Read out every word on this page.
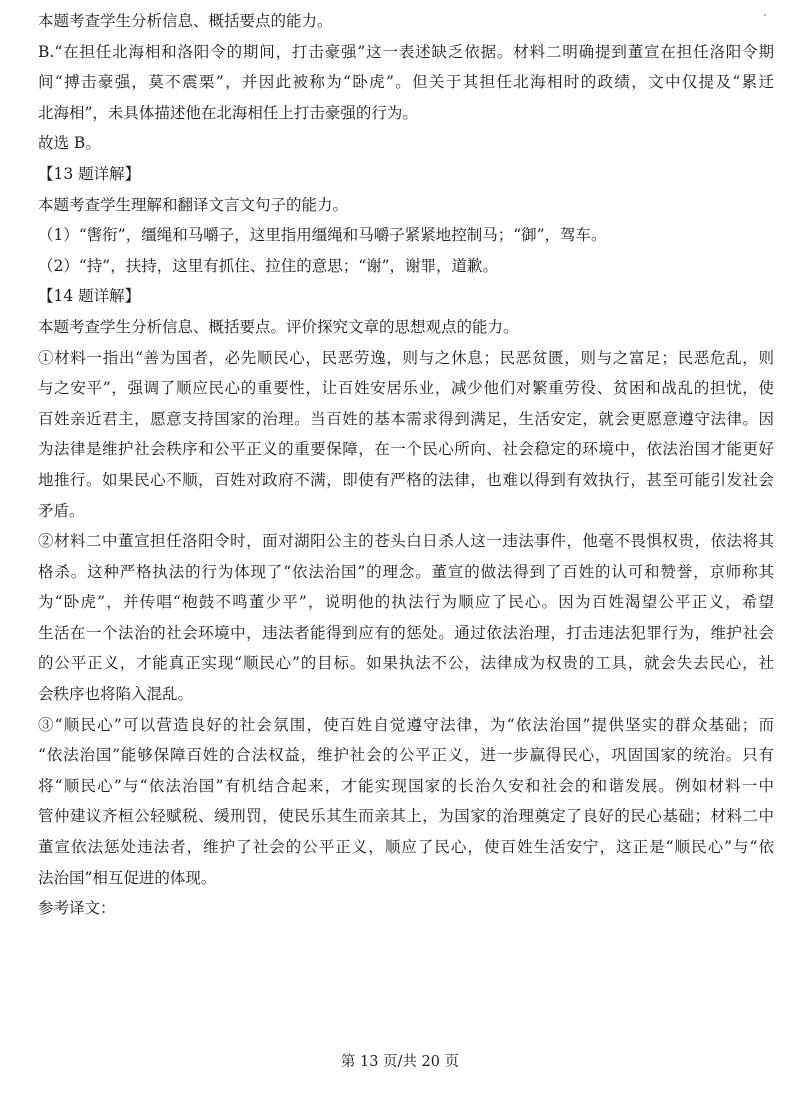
本题考查学生分析信息、概括要点的能力。
B.“在担任北海相和洛阳令的期间，打击豪强”这一表述缺乏依据。材料二明确提到董宣在担任洛阳令期
间“搏击豪强，莫不震栗”，并因此被称为“卧虎”。但关于其担任北海相时的政绩，文中仅提及“累迁
北海相”，未具体描述他在北海相任上打击豪强的行为。
故选 B。
【13 题详解】
本题考查学生理解和翻译文言文句子的能力。
（1）“辔衔”，缰绳和马嚼子，这里指用缰绳和马嚼子紧紧地控制马；“御”，驾车。
（2）“持”，扶持，这里有抓住、拉住的意思；“谢”，谢罪，道歉。
【14 题详解】
本题考查学生分析信息、概括要点。评价探究文章的思想观点的能力。
①材料一指出“善为国者，必先顺民心，民恶劳逸，则与之休息；民恶贫匮，则与之富足；民恶危乱，则
与之安平”，强调了顺应民心的重要性，让百姓安居乐业，减少他们对繁重劳役、贫困和战乱的担忧，使
百姓亲近君主，愿意支持国家的治理。当百姓的基本需求得到满足，生活安定，就会更愿意遵守法律。因
为法律是维护社会秩序和公平正义的重要保障，在一个民心所向、社会稳定的环境中，依法治国才能更好
地推行。如果民心不顺，百姓对政府不满，即使有严格的法律，也难以得到有效执行，甚至可能引发社会
矛盾。
②材料二中董宣担任洛阳令时，面对湖阳公主的苍头白日杀人这一违法事件，他毫不畏惧权贵，依法将其
格杀。这种严格执法的行为体现了“依法治国”的理念。董宣的做法得到了百姓的认可和赞誉，京师称其
为“卧虎”，并传唱“枹鼓不鸣董少平”，说明他的执法行为顺应了民心。因为百姓渴望公平正义，希望
生活在一个法治的社会环境中，违法者能得到应有的惩处。通过依法治理，打击违法犯罪行为，维护社会
的公平正义，才能真正实现“顺民心”的目标。如果执法不公，法律成为权贵的工具，就会失去民心，社
会秩序也将陷入混乱。
③“顺民心”可以营造良好的社会氛围，使百姓自觉遵守法律，为“依法治国”提供坚实的群众基础；而
“依法治国”能够保障百姓的合法权益，维护社会的公平正义，进一步赢得民心，巩固国家的统治。只有
将“顺民心”与“依法治国”有机结合起来，才能实现国家的长治久安和社会的和谐发展。例如材料一中
管仲建议齐桓公轻赋税、缓刑罚，使民乐其生而亲其上，为国家的治理奠定了良好的民心基础；材料二中
董宣依法惩处违法者，维护了社会的公平正义，顺应了民心，使百姓生活安宁，这正是“顺民心”与“依
法治国”相互促进的体现。
参考译文：
第 13 页/共 20 页
